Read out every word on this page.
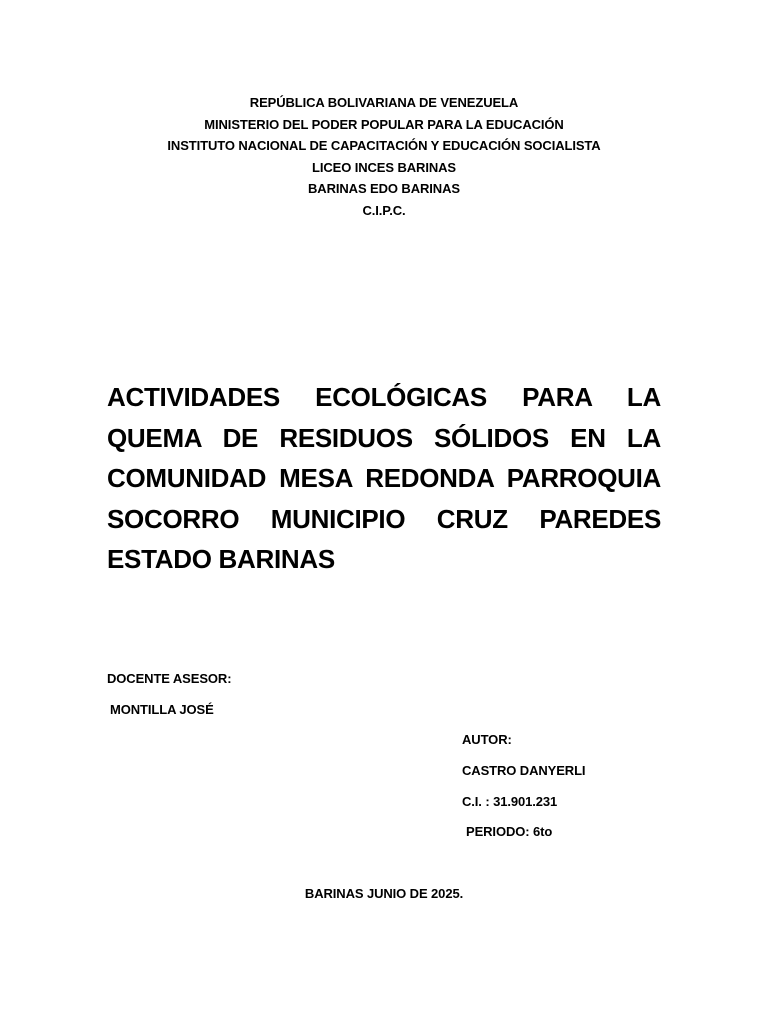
REPÚBLICA BOLIVARIANA DE VENEZUELA
MINISTERIO DEL PODER POPULAR PARA LA EDUCACIÓN
INSTITUTO NACIONAL DE CAPACITACIÓN Y EDUCACIÓN SOCIALISTA
LICEO INCES BARINAS
BARINAS EDO BARINAS
C.I.P.C.
ACTIVIDADES ECOLÓGICAS PARA LA QUEMA DE RESIDUOS SÓLIDOS EN LA COMUNIDAD MESA REDONDA PARROQUIA SOCORRO MUNICIPIO CRUZ PAREDES ESTADO BARINAS
DOCENTE ASESOR:
MONTILLA JOSÉ
AUTOR:
CASTRO DANYERLI
C.I. : 31.901.231
PERIODO: 6to
BARINAS JUNIO DE 2025.
